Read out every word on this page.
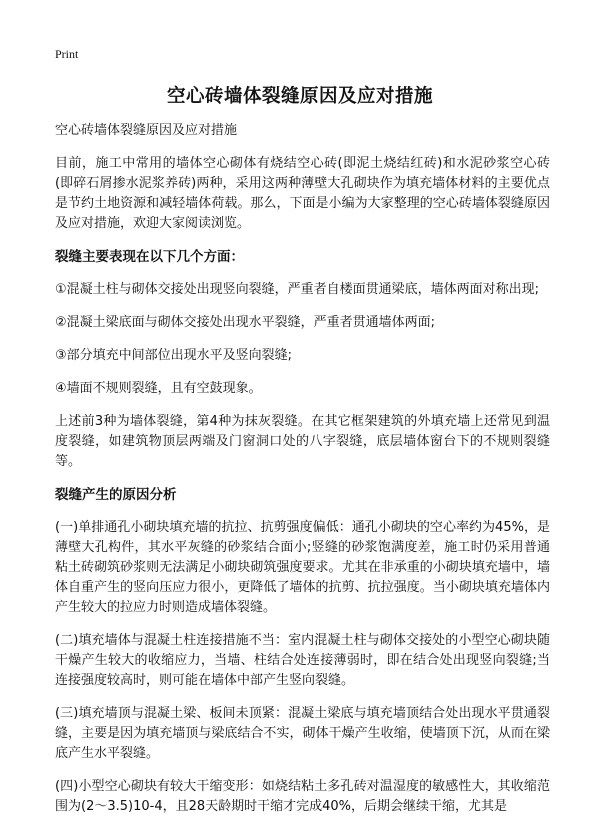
Print
空心砖墙体裂缝原因及应对措施
空心砖墙体裂缝原因及应对措施

目前，施工中常用的墙体空心砌体有烧结空心砖(即泥土烧结红砖)和水泥砂浆空心砖(即碎石屑掺水泥浆养砖)两种，采用这两种薄壁大孔砌块作为填充墙体材料的主要优点是节约土地资源和减轻墙体荷载。那么，下面是小编为大家整理的空心砖墙体裂缝原因及应对措施，欢迎大家阅读浏览。

裂缝主要表现在以下几个方面：

①混凝土柱与砌体交接处出现竖向裂缝，严重者自楼面贯通梁底，墙体两面对称出现;

②混凝土梁底面与砌体交接处出现水平裂缝，严重者贯通墙体两面;

③部分填充中间部位出现水平及竖向裂缝;

④墙面不规则裂缝，且有空鼓现象。

上述前3种为墙体裂缝，第4种为抹灰裂缝。在其它框架建筑的外填充墙上还常见到温度裂缝，如建筑物顶层两端及门窗洞口处的八字裂缝，底层墙体窗台下的不规则裂缝等。

裂缝产生的原因分析

(一)单排通孔小砌块填充墙的抗拉、抗剪强度偏低：通孔小砌块的空心率约为45%，是薄壁大孔构件，其水平灰缝的砂浆结合面小;竖缝的砂浆饱满度差，施工时仍采用普通粘土砖砌筑砂浆则无法满足小砌块砌筑强度要求。尤其在非承重的小砌块填充墙中，墙体自重产生的竖向压应力很小，更降低了墙体的抗剪、抗拉强度。当小砌块填充墙体内产生较大的拉应力时则造成墙体裂缝。

(二)填充墙体与混凝土柱连接措施不当：室内混凝土柱与砌体交接处的小型空心砌块随干燥产生较大的收缩应力，当墙、柱结合处连接薄弱时，即在结合处出现竖向裂缝;当连接强度较高时，则可能在墙体中部产生竖向裂缝。

(三)填充墙顶与混凝土梁、板间未顶紧：混凝土梁底与填充墙顶结合处出现水平贯通裂缝，主要是因为填充墙顶与梁底结合不实，砌体干燥产生收缩，使墙顶下沉，从而在梁底产生水平裂缝。

(四)小型空心砌块有较大干缩变形：如烧结粘土多孔砖对温湿度的敏感性大，其收缩范围为(2～3.5)10-4，且28天龄期时干缩才完成40%，后期会继续干缩，尤其是
